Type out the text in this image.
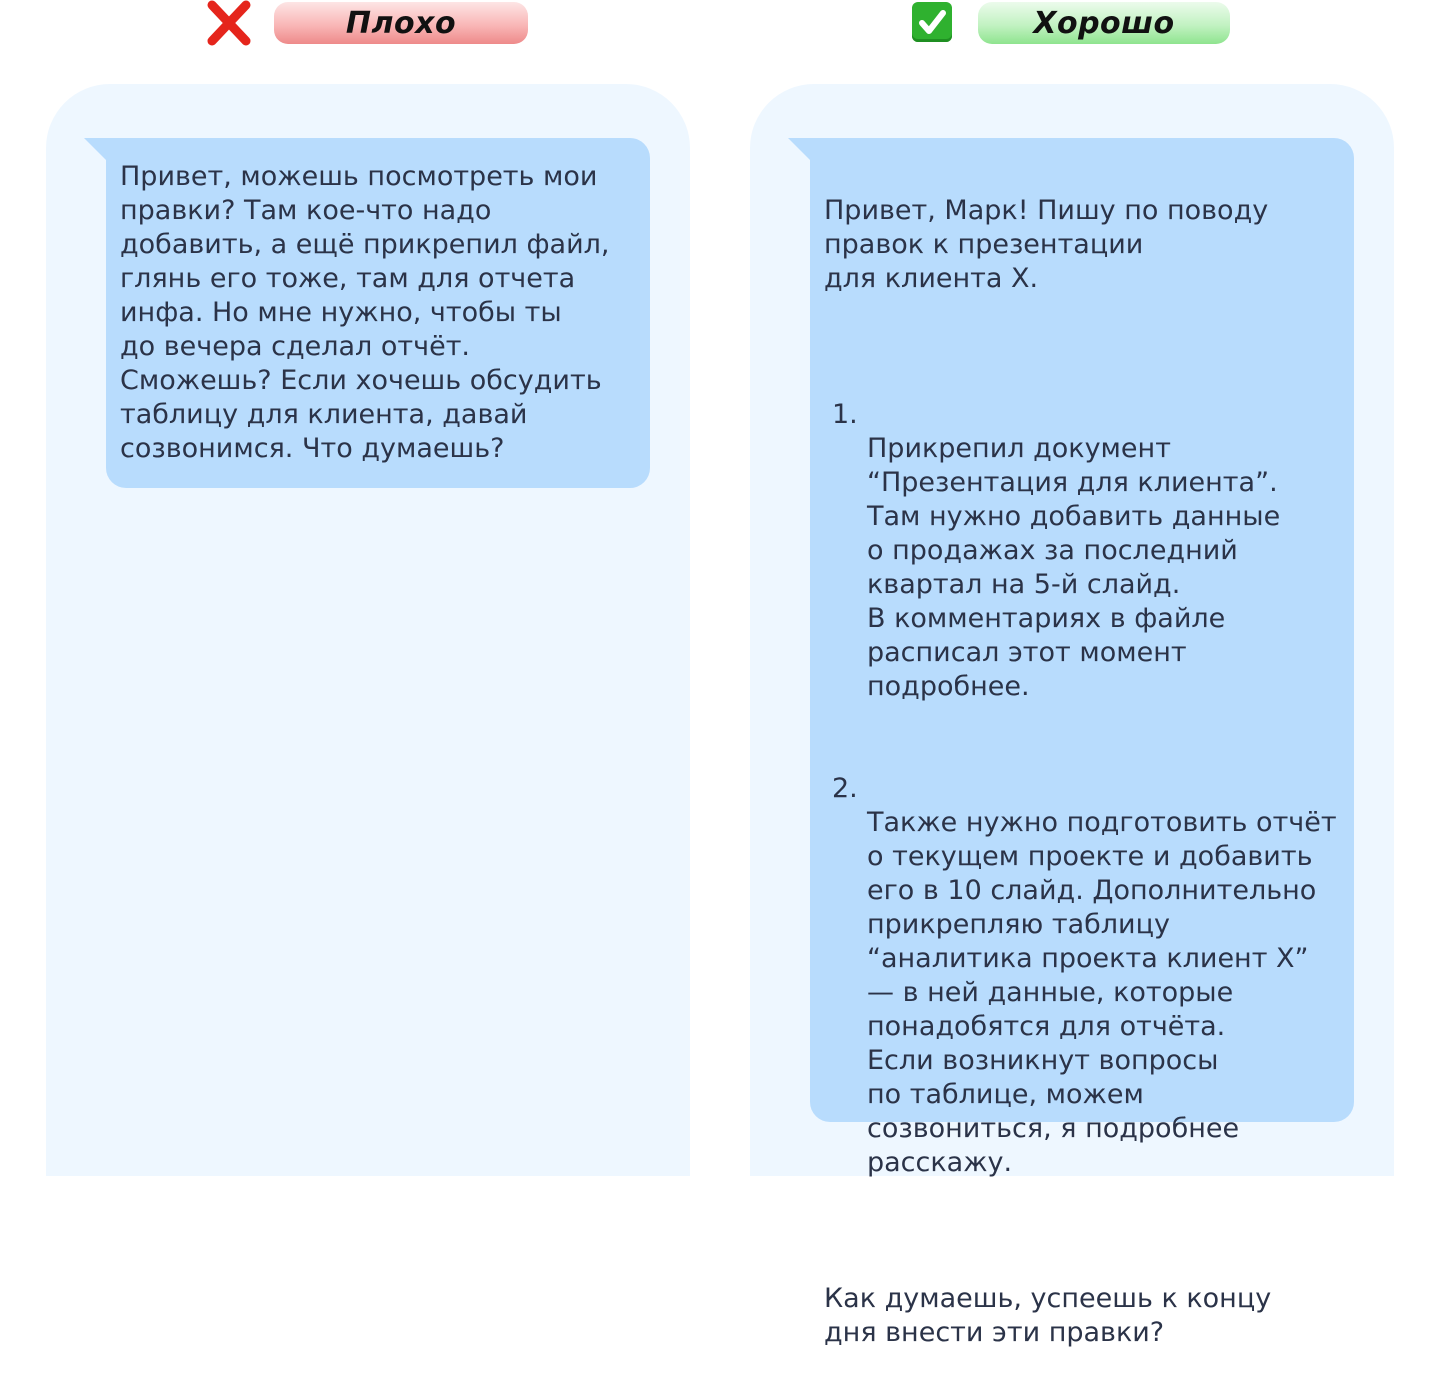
Плохо	Хорошо
Привет, можешь посмотреть мои
правки? Там кое-что надо
добавить, а ещё прикрепил файл,
глянь его тоже, там для отчета
инфа. Но мне нужно, чтобы ты
до вечера сделал отчёт.
Сможешь? Если хочешь обсудить
таблицу для клиента, давай
созвонимся. Что думаешь?

Привет, Марк! Пишу по поводу
правок к презентации
для клиента Х.

1.
Прикрепил документ
“Презентация для клиента”.
Там нужно добавить данные
о продажах за последний
квартал на 5-й слайд.
В комментариях в файле
расписал этот момент
подробнее.

2.
Также нужно подготовить отчёт
о текущем проекте и добавить
его в 10 слайд. Дополнительно
прикрепляю таблицу
“аналитика проекта клиент Х”
— в ней данные, которые
понадобятся для отчёта.
Если возникнут вопросы
по таблице, можем
созвониться, я подробнее
расскажу.

Как думаешь, успеешь к концу
дня внести эти правки?
